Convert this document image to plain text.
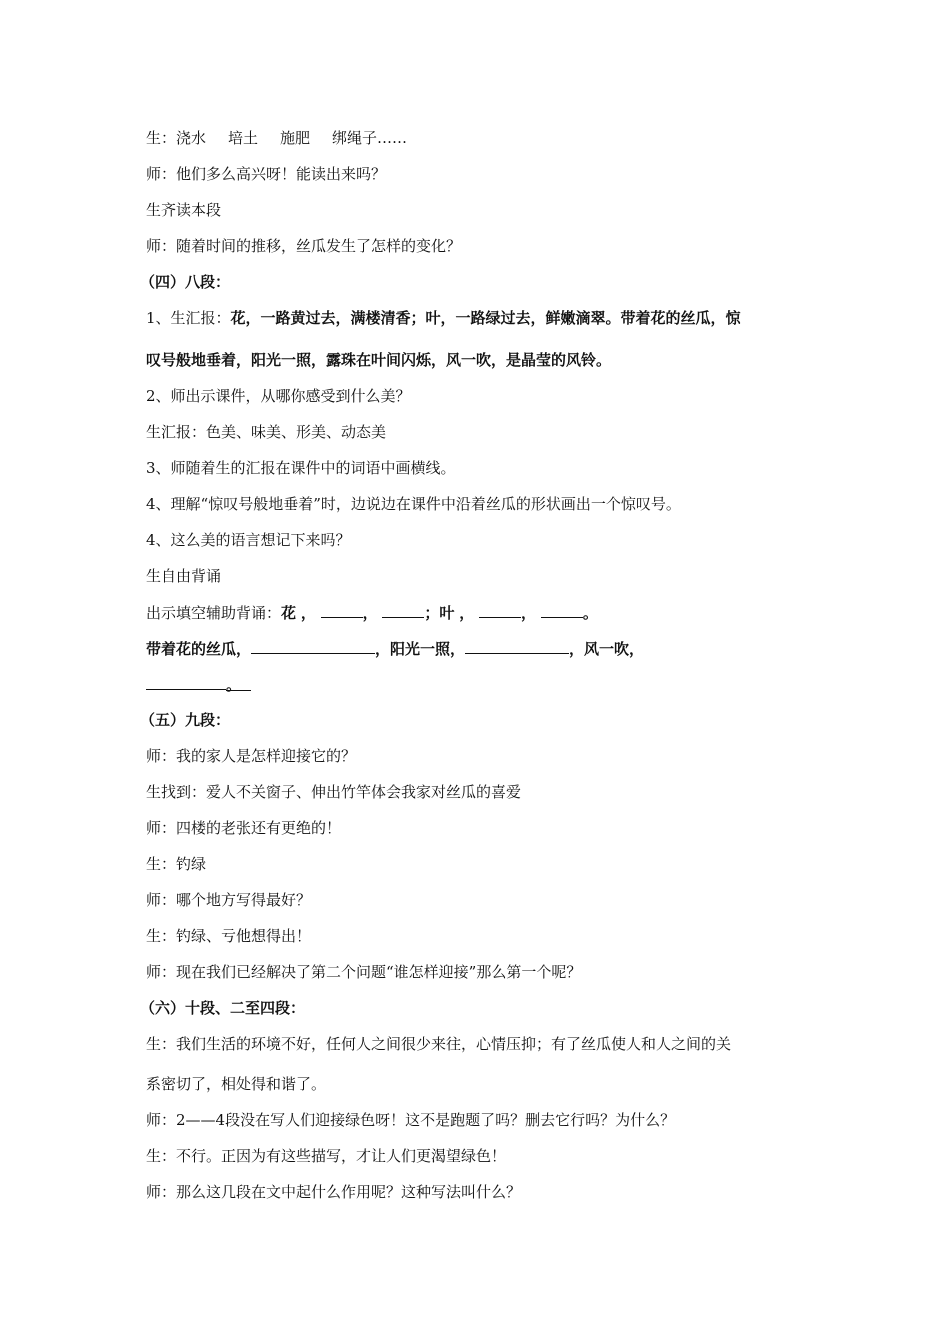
生：浇水 培土 施肥 绑绳子……
师：他们多么高兴呀！能读出来吗？
生齐读本段
师：随着时间的推移，丝瓜发生了怎样的变化？
（四）八段：
1、生汇报：花，一路黄过去，满楼清香；叶，一路绿过去，鲜嫩滴翠。带着花的丝瓜，惊
叹号般地垂着，阳光一照，露珠在叶间闪烁，风一吹，是晶莹的风铃。
2、师出示课件，从哪你感受到什么美？
生汇报：色美、味美、形美、动态美
3、师随着生的汇报在课件中的词语中画横线。
4、理解“惊叹号般地垂着”时，边说边在课件中沿着丝瓜的形状画出一个惊叹号。
4、这么美的语言想记下来吗？
生自由背诵
出示填空辅助背诵：花 ，	，	；叶 ，	，	。
带着花的丝瓜，	，阳光一照，	，风一吹，
。
（五）九段：
师：我的家人是怎样迎接它的？
生找到：爱人不关窗子、伸出竹竿体会我家对丝瓜的喜爱
师：四楼的老张还有更绝的！
生：钓绿
师：哪个地方写得最好？
生：钓绿、亏他想得出！
师：现在我们已经解决了第二个问题“谁怎样迎接”那么第一个呢？
（六）十段、二至四段：
生：我们生活的环境不好，任何人之间很少来往，心情压抑；有了丝瓜使人和人之间的关
系密切了，相处得和谐了。
师：2——4段没在写人们迎接绿色呀！这不是跑题了吗？删去它行吗？为什么？
生：不行。正因为有这些描写，才让人们更渴望绿色！
师：那么这几段在文中起什么作用呢？这种写法叫什么？
